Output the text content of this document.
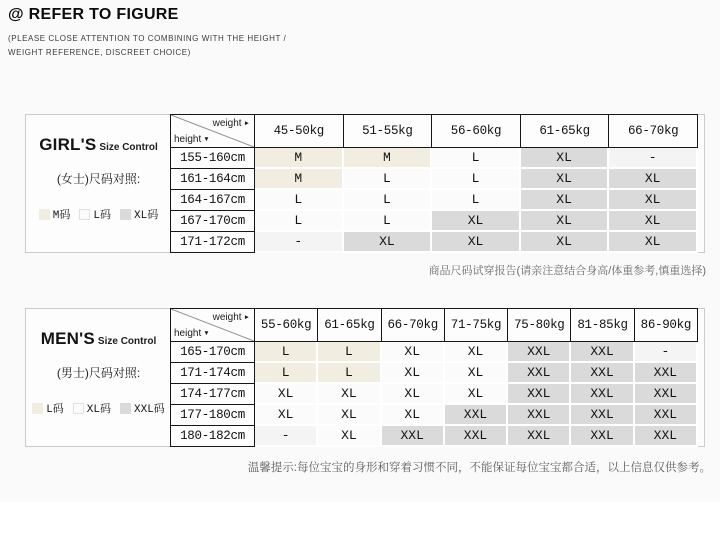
@ REFER TO FIGURE
(PLEASE CLOSE ATTENTION TO COMBINING WITH THE HEIGHT /
WEIGHT REFERENCE, DISCREET CHOICE)
GIRL'S Size Control
(女士)尺码对照:
M码 L码 XL码
weight ►
height ▼
45-50kg	51-55kg	56-60kg	61-65kg	66-70kg
155-160cm	M	M	L	XL	-
161-164cm	M	L	L	XL	XL
164-167cm	L	L	L	XL	XL
167-170cm	L	L	XL	XL	XL
171-172cm	-	XL	XL	XL	XL
商品尺码试穿报告(请亲注意结合身高/体重参考,慎重选择)
MEN'S Size Control
(男士)尺码对照:
L码 XL码 XXL码
weight ►
height ▼
55-60kg	61-65kg	66-70kg	71-75kg	75-80kg	81-85kg	86-90kg
165-170cm	L	L	XL	XL	XXL	XXL	-
171-174cm	L	L	XL	XL	XXL	XXL	XXL
174-177cm	XL	XL	XL	XL	XXL	XXL	XXL
177-180cm	XL	XL	XL	XXL	XXL	XXL	XXL
180-182cm	-	XL	XXL	XXL	XXL	XXL	XXL
温馨提示:每位宝宝的身形和穿着习惯不同，不能保证每位宝宝都合适，以上信息仅供参考。
